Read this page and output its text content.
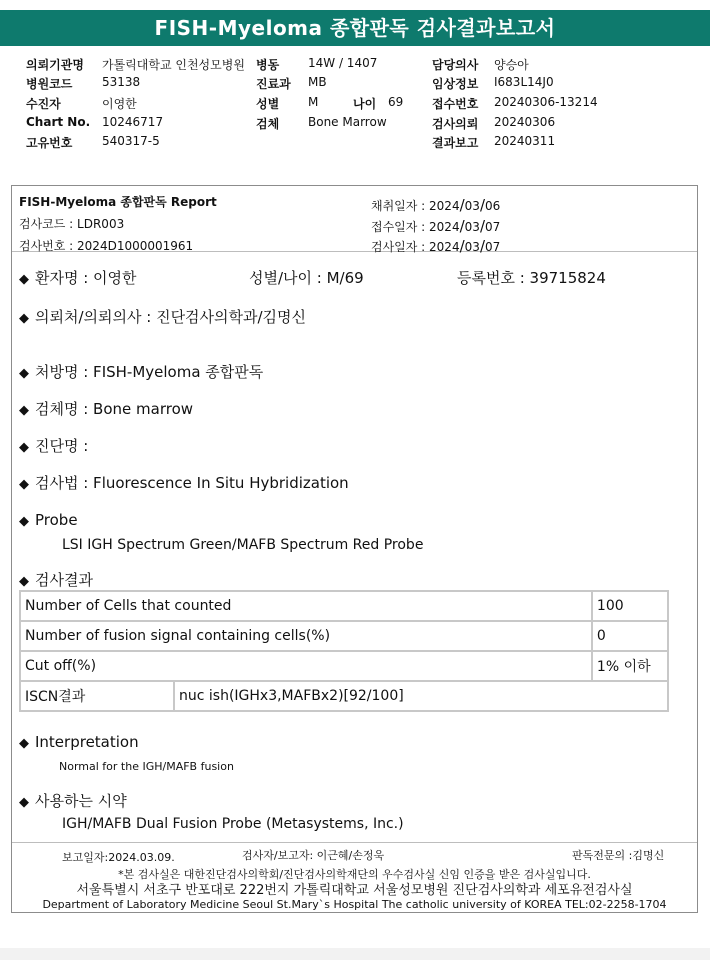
FISH-Myeloma 종합판독 검사결과보고서
의뢰기관명 가톨릭대학교 인천성모병원
병원코드 53138
수진자	이영한
Chart No. 10246717
고유번호 540317-5
병동 14W / 1407
진료과 MB
성별 M	나이 69
검체 Bone Marrow
담당의사 양승아
임상정보 I683L14J0
접수번호 20240306-13214
검사의뢰 20240306
결과보고 20240311
FISH-Myeloma 종합판독 Report
검사코드 : LDR003
검사번호 : 2024D1000001961
채취일자 : 2024/03/06
접수일자 : 2024/03/07
검사일자 : 2024/03/07
◆ 환자명 : 이영한	성별/나이 : M/69	등록번호 : 39715824
◆ 의뢰처/의뢰의사 : 진단검사의학과/김명신
◆ 처방명 : FISH-Myeloma 종합판독
◆ 검체명 : Bone marrow
◆ 진단명 :
◆ 검사법 : Fluorescence In Situ Hybridization
◆ Probe
LSI IGH Spectrum Green/MAFB Spectrum Red Probe
◆ 검사결과
Number of Cells that counted		100
Number of fusion signal containing cells(%)		0
Cut off(%)		1% 이하
ISCN결과	nuc ish(IGHx3,MAFBx2)[92/100]	
◆ Interpretation
Normal for the IGH/MAFB fusion
◆ 사용하는 시약
IGH/MAFB Dual Fusion Probe (Metasystems, Inc.)
보고일자:2024.03.09.	검사자/보고자: 이근혜/손정욱	판독전문의 :김명신
*본 검사실은 대한진단검사의학회/진단검사의학재단의 우수검사실 신임 인증을 받은 검사실입니다.
서울특별시 서초구 반포대로 222번지 가톨릭대학교 서울성모병원 진단검사의학과 세포유전검사실
Department of Laboratory Medicine Seoul St.Mary`s Hospital The catholic university of KOREA TEL:02-2258-1704
